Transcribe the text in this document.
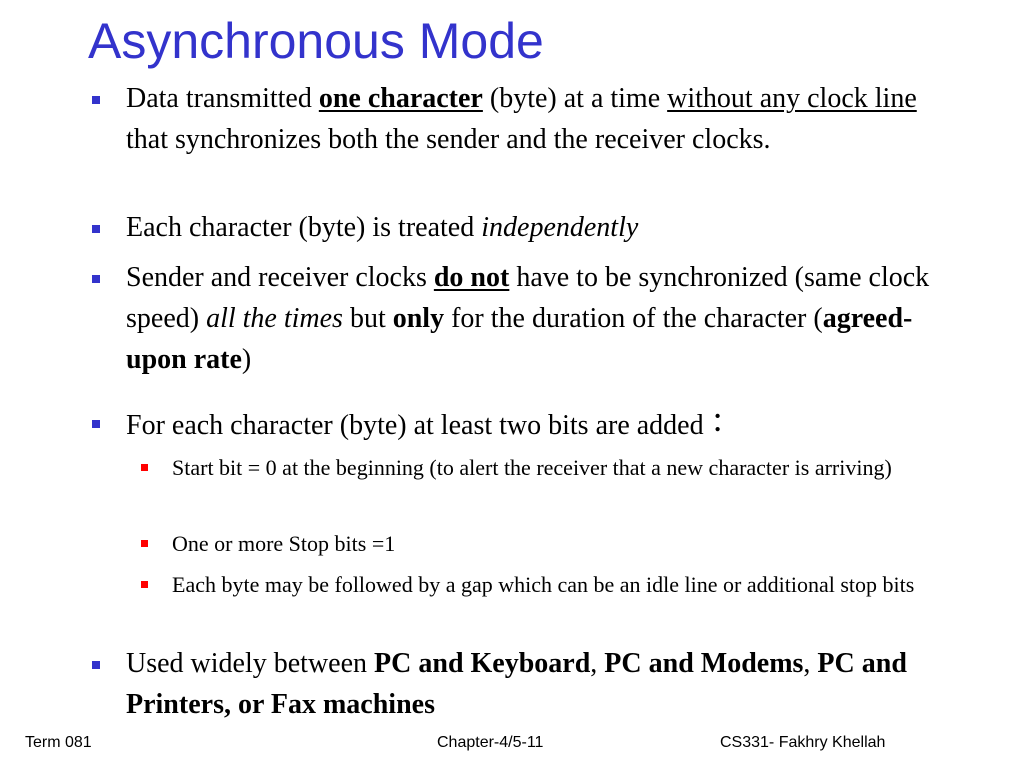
Asynchronous Mode

Data transmitted one character (byte) at a time without any clock line that synchronizes both the sender and the receiver clocks.

Each character (byte) is treated independently

Sender and receiver clocks do not have to be synchronized (same clock speed) all the times but only for the duration of the character (agreed-upon rate)

For each character (byte) at least two bits are added :

Start bit = 0 at the beginning (to alert the receiver that a new character is arriving)

One or more Stop bits =1

Each byte may be followed by a gap which can be an idle line or additional stop bits

Used widely between PC and Keyboard, PC and Modems, PC and Printers, or Fax machines

Term 081	Chapter-4/5-11	CS331- Fakhry Khellah
